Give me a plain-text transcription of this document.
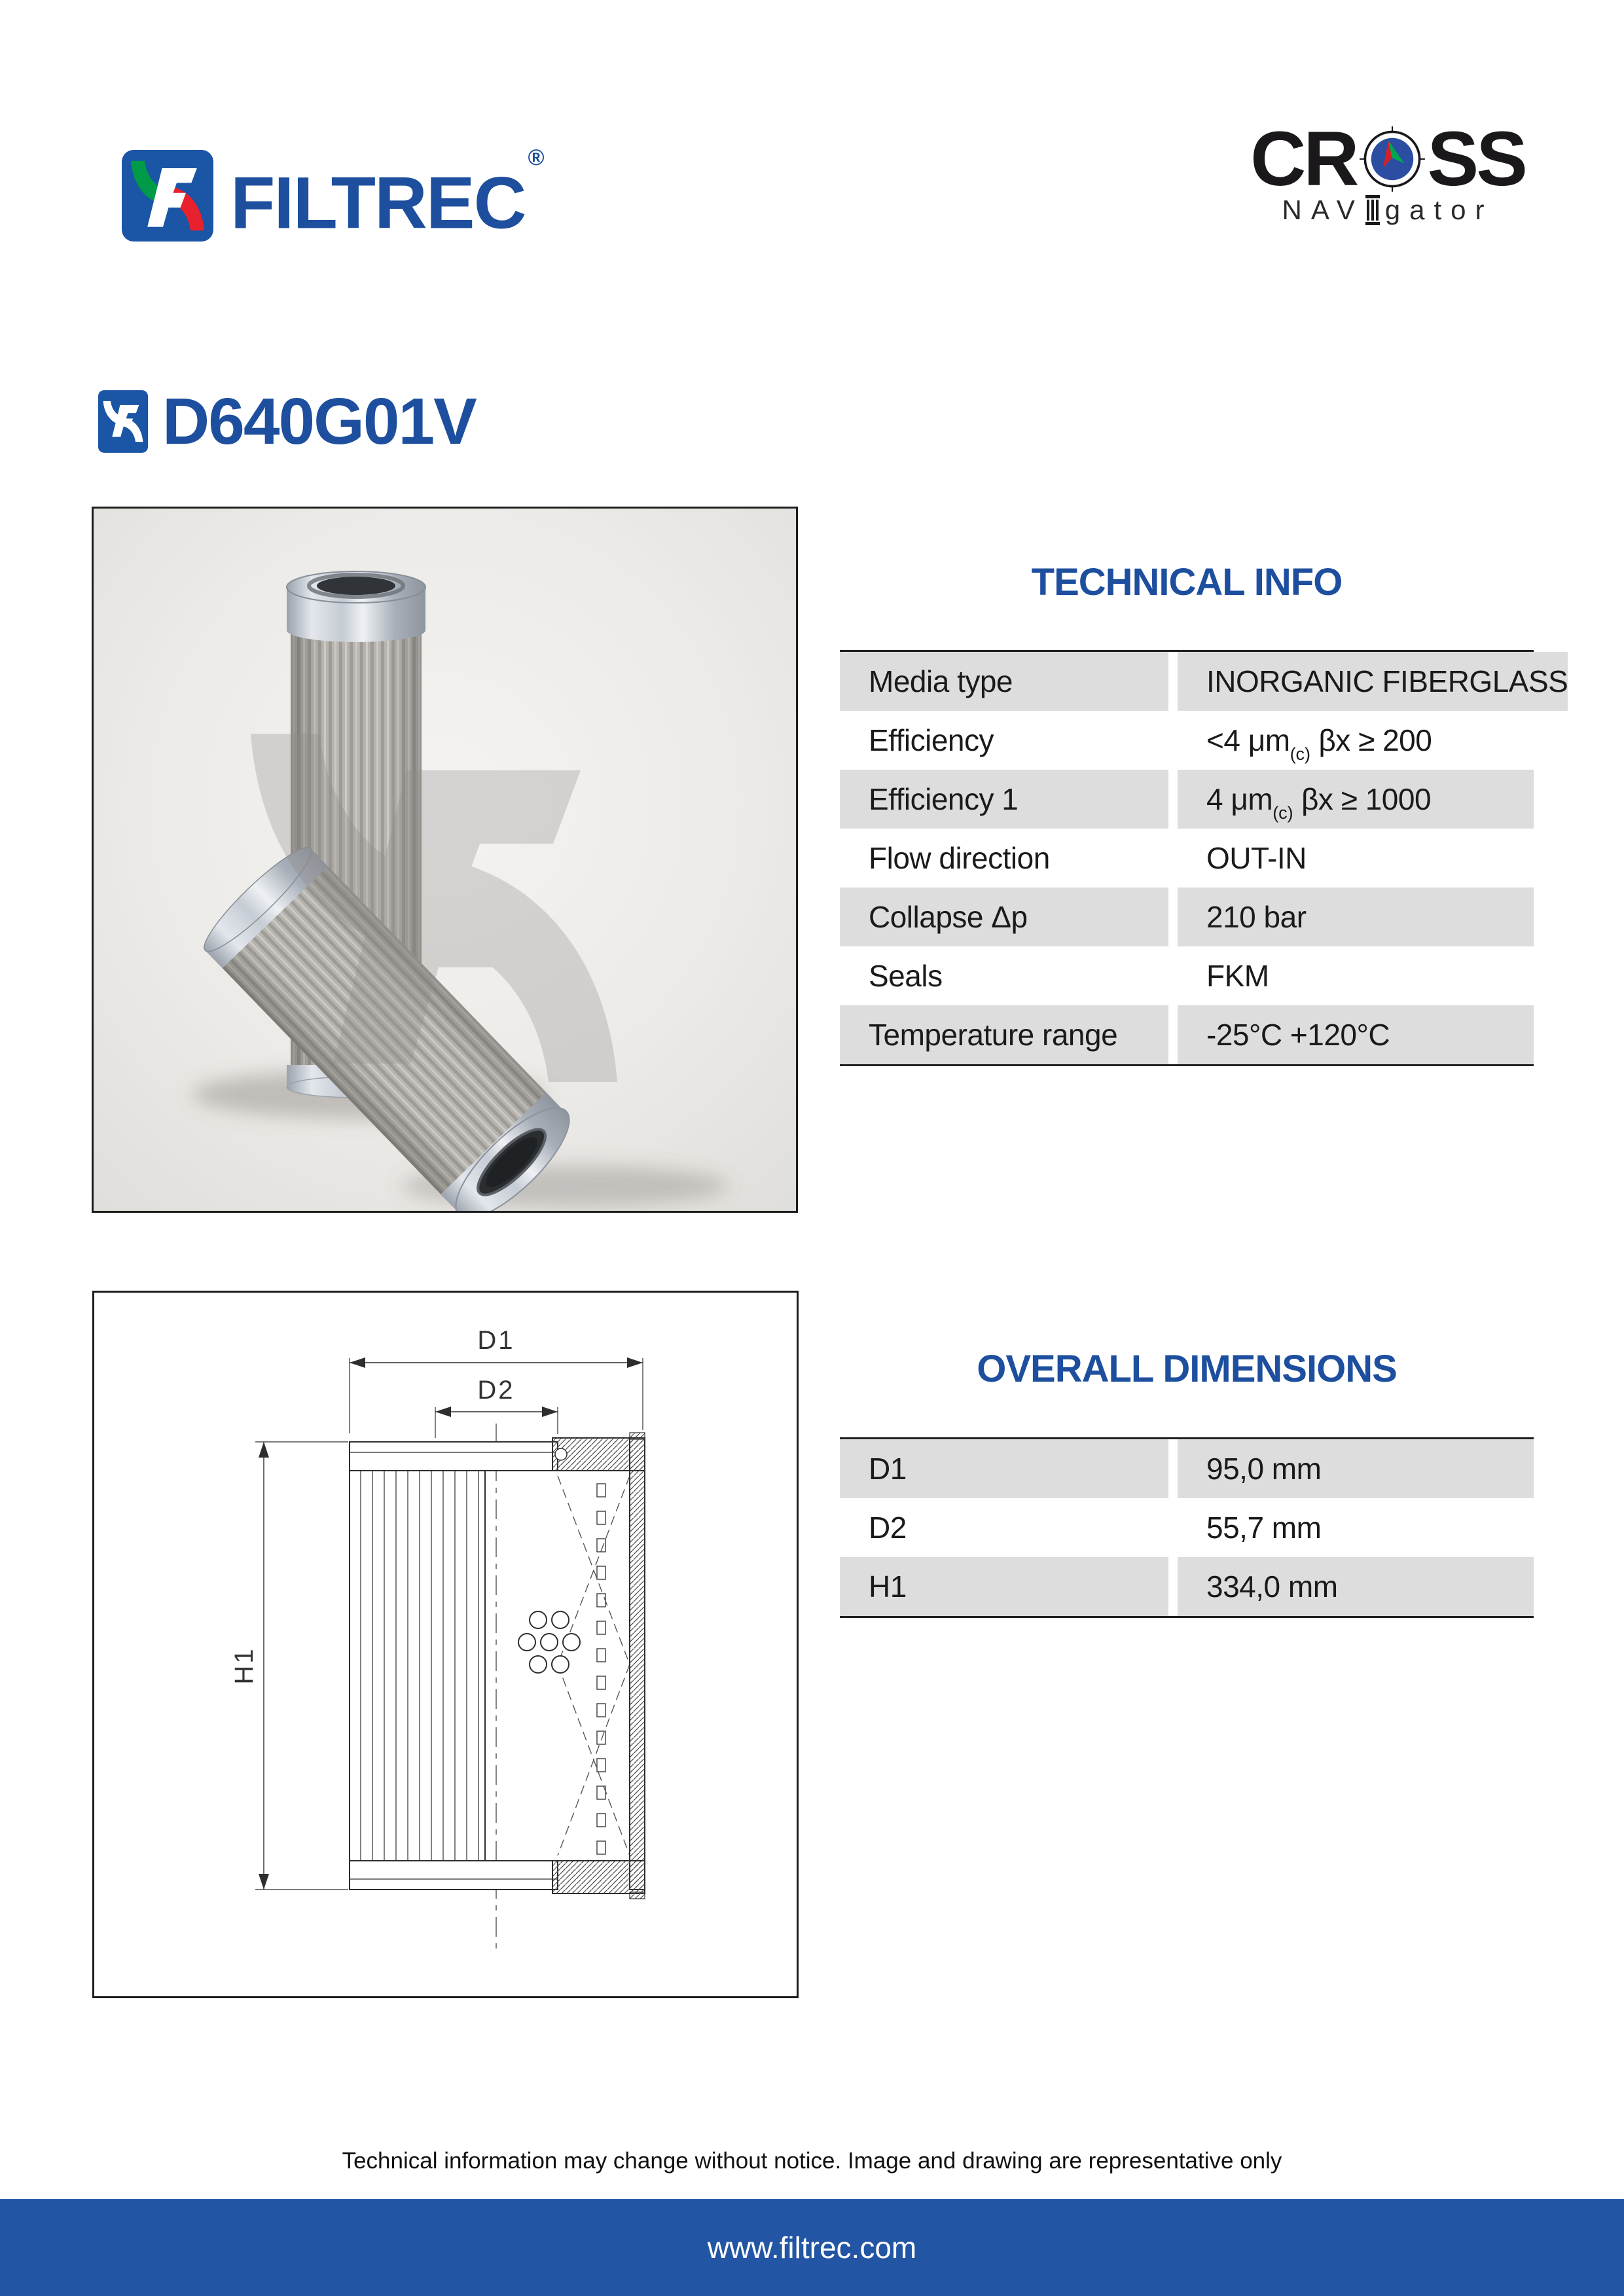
FILTREC®	CR SS
NAV gator
D640G01V
TECHNICAL INFO
Media type	INORGANIC FIBERGLASS
Efficiency	<4 $\mu m_{(c)}$ βx ≥ 200
Efficiency 1	4 $\mu m_{(c)}$ βx ≥ 1000
Flow direction	OUT-IN
Collapse Δp	210 bar
Seals	FKM
Temperature range	-25°C +120°C
D1
D2
H1
OVERALL DIMENSIONS
D1	95,0 mm
D2	55,7 mm
H1	334,0 mm
Technical information may change without notice. Image and drawing are representative only
www.filtrec.com
